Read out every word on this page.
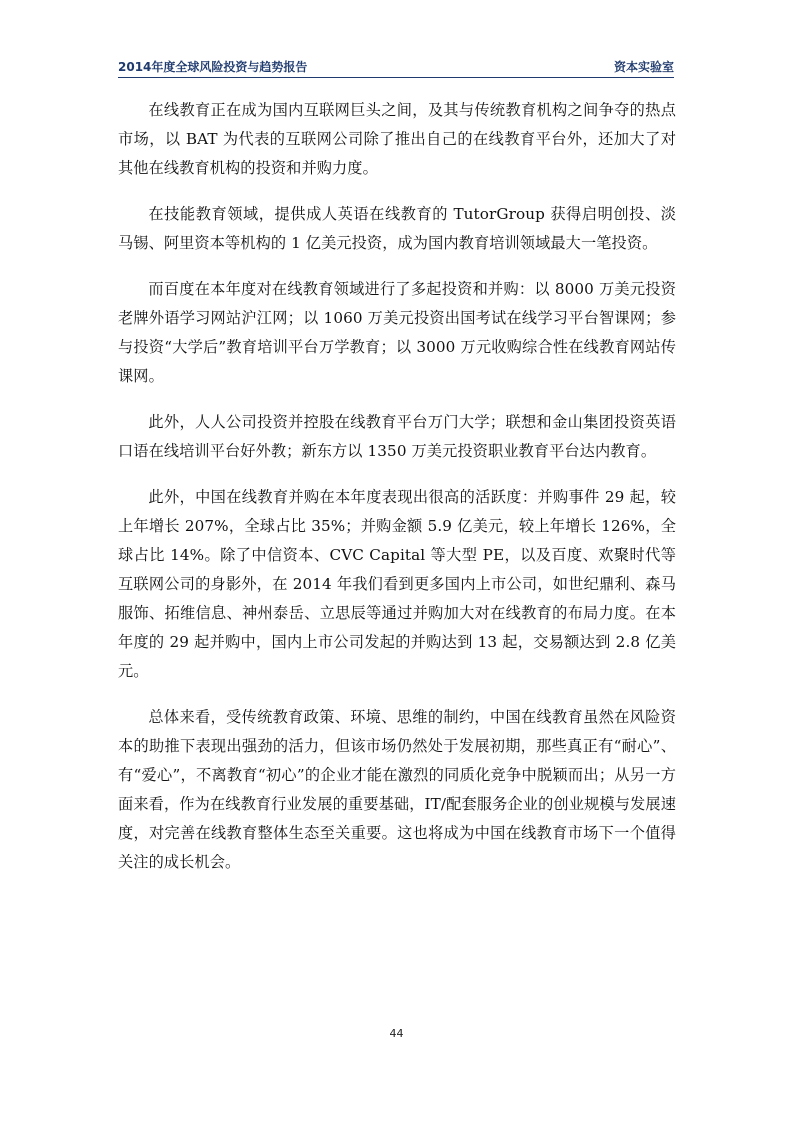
2014年度全球风险投资与趋势报告	资本实验室

在线教育正在成为国内互联网巨头之间，及其与传统教育机构之间争夺的热点市场，以 BAT 为代表的互联网公司除了推出自己的在线教育平台外，还加大了对其他在线教育机构的投资和并购力度。

在技能教育领域，提供成人英语在线教育的 TutorGroup 获得启明创投、淡马锡、阿里资本等机构的 1 亿美元投资，成为国内教育培训领域最大一笔投资。

而百度在本年度对在线教育领域进行了多起投资和并购：以 8000 万美元投资老牌外语学习网站沪江网；以 1060 万美元投资出国考试在线学习平台智课网；参与投资“大学后”教育培训平台万学教育；以 3000 万元收购综合性在线教育网站传课网。

此外，人人公司投资并控股在线教育平台万门大学；联想和金山集团投资英语口语在线培训平台好外教；新东方以 1350 万美元投资职业教育平台达内教育。

此外，中国在线教育并购在本年度表现出很高的活跃度：并购事件 29 起，较上年增长 207%，全球占比 35%；并购金额 5.9 亿美元，较上年增长 126%，全球占比 14%。除了中信资本、CVC Capital 等大型 PE，以及百度、欢聚时代等互联网公司的身影外，在 2014 年我们看到更多国内上市公司，如世纪鼎利、森马服饰、拓维信息、神州泰岳、立思辰等通过并购加大对在线教育的布局力度。在本年度的 29 起并购中，国内上市公司发起的并购达到 13 起，交易额达到 2.8 亿美元。

总体来看，受传统教育政策、环境、思维的制约，中国在线教育虽然在风险资本的助推下表现出强劲的活力，但该市场仍然处于发展初期，那些真正有“耐心”、有“爱心”，不离教育“初心”的企业才能在激烈的同质化竞争中脱颖而出；从另一方面来看，作为在线教育行业发展的重要基础，IT/配套服务企业的创业规模与发展速度，对完善在线教育整体生态至关重要。这也将成为中国在线教育市场下一个值得关注的成长机会。

44
